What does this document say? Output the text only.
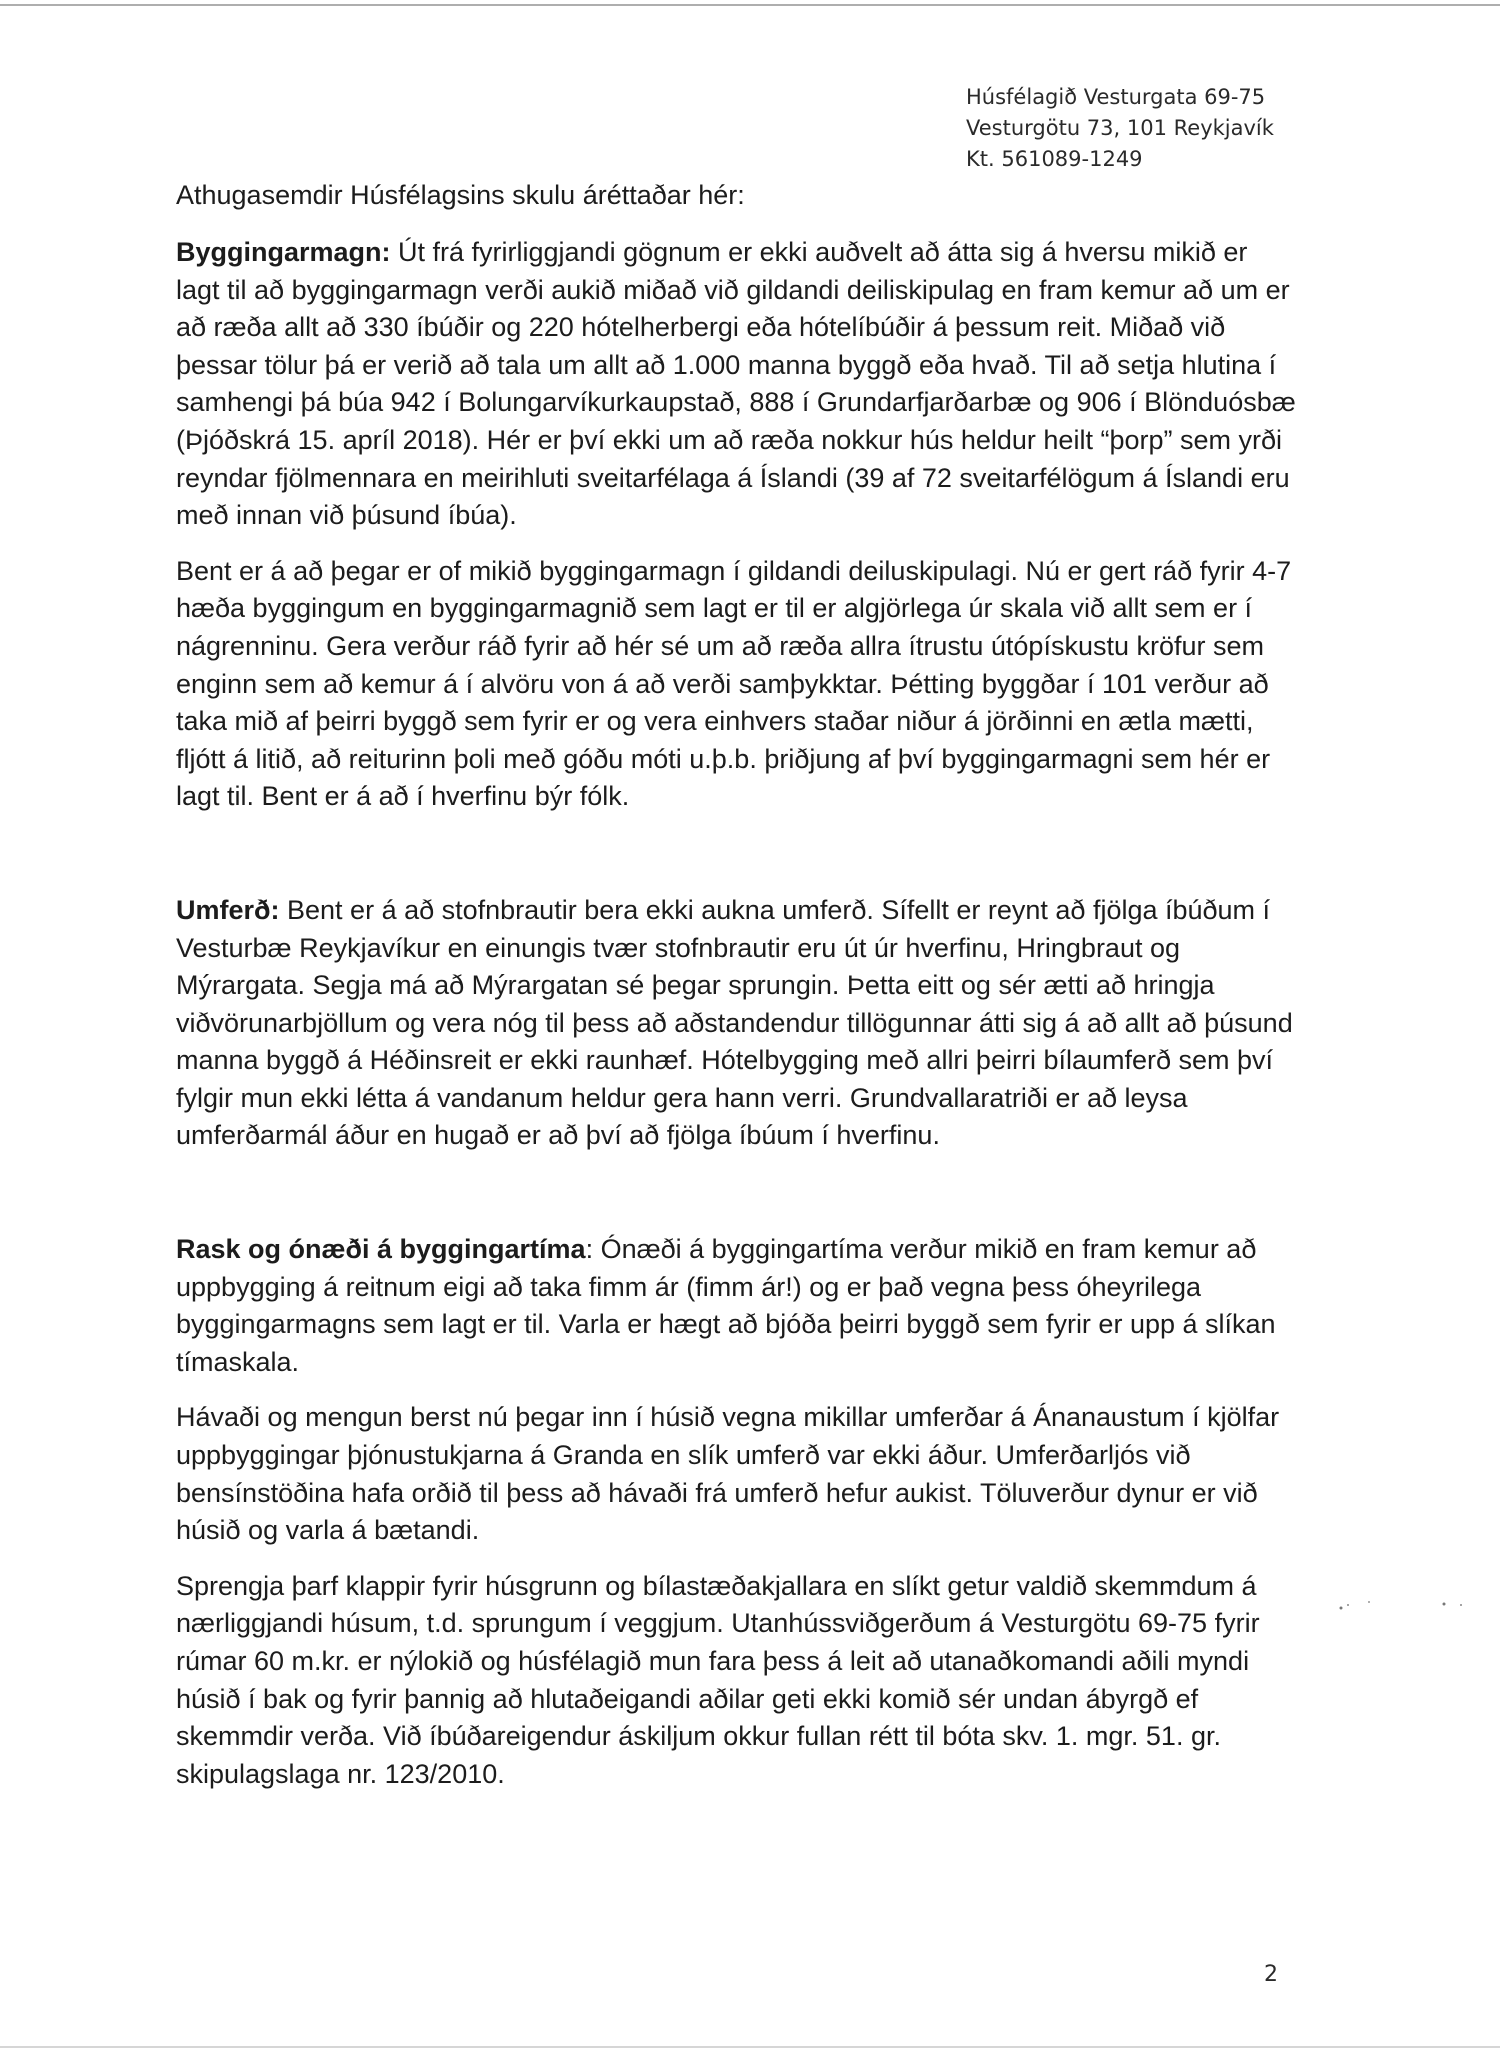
Húsfélagið Vesturgata 69-75
Vesturgötu 73, 101 Reykjavík
Kt. 561089-1249
Athugasemdir Húsfélagsins skulu áréttaðar hér:

Byggingarmagn: Út frá fyrirliggjandi gögnum er ekki auðvelt að átta sig á hversu mikið er lagt til að byggingarmagn verði aukið miðað við gildandi deiliskipulag en fram kemur að um er að ræða allt að 330 íbúðir og 220 hótelherbergi eða hótelíbúðir á þessum reit. Miðað við þessar tölur þá er verið að tala um allt að 1.000 manna byggð eða hvað. Til að setja hlutina í samhengi þá búa 942 í Bolungarvíkurkaupstað, 888 í Grundarfjarðarbæ og 906 í Blönduósbæ (Þjóðskrá 15. apríl 2018). Hér er því ekki um að ræða nokkur hús heldur heilt “þorp” sem yrði reyndar fjölmennara en meirihluti sveitarfélaga á Íslandi (39 af 72 sveitarfélögum á Íslandi eru með innan við þúsund íbúa).

Bent er á að þegar er of mikið byggingarmagn í gildandi deiluskipulagi. Nú er gert ráð fyrir 4-7 hæða byggingum en byggingarmagnið sem lagt er til er algjörlega úr skala við allt sem er í nágrenninu. Gera verður ráð fyrir að hér sé um að ræða allra ítrustu útópískustu kröfur sem enginn sem að kemur á í alvöru von á að verði samþykktar. Þétting byggðar í 101 verður að taka mið af þeirri byggð sem fyrir er og vera einhvers staðar niður á jörðinni en ætla mætti, fljótt á litið, að reiturinn þoli með góðu móti u.þ.b. þriðjung af því byggingarmagni sem hér er lagt til. Bent er á að í hverfinu býr fólk.

Umferð: Bent er á að stofnbrautir bera ekki aukna umferð. Sífellt er reynt að fjölga íbúðum í Vesturbæ Reykjavíkur en einungis tvær stofnbrautir eru út úr hverfinu, Hringbraut og Mýrargata. Segja má að Mýrargatan sé þegar sprungin. Þetta eitt og sér ætti að hringja viðvörunarbjöllum og vera nóg til þess að aðstandendur tillögunnar átti sig á að allt að þúsund manna byggð á Héðinsreit er ekki raunhæf. Hótelbygging með allri þeirri bílaumferð sem því fylgir mun ekki létta á vandanum heldur gera hann verri. Grundvallaratriði er að leysa umferðarmál áður en hugað er að því að fjölga íbúum í hverfinu.

Rask og ónæði á byggingartíma: Ónæði á byggingartíma verður mikið en fram kemur að uppbygging á reitnum eigi að taka fimm ár (fimm ár!) og er það vegna þess óheyrilega byggingarmagns sem lagt er til. Varla er hægt að bjóða þeirri byggð sem fyrir er upp á slíkan tímaskala.

Hávaði og mengun berst nú þegar inn í húsið vegna mikillar umferðar á Ánanaustum í kjölfar uppbyggingar þjónustukjarna á Granda en slík umferð var ekki áður. Umferðarljós við bensínstöðina hafa orðið til þess að hávaði frá umferð hefur aukist. Töluverður dynur er við húsið og varla á bætandi.

Sprengja þarf klappir fyrir húsgrunn og bílastæðakjallara en slíkt getur valdið skemmdum á nærliggjandi húsum, t.d. sprungum í veggjum. Utanhússviðgerðum á Vesturgötu 69-75 fyrir rúmar 60 m.kr. er nýlokið og húsfélagið mun fara þess á leit að utanaðkomandi aðili myndi húsið í bak og fyrir þannig að hlutaðeigandi aðilar geti ekki komið sér undan ábyrgð ef skemmdir verða. Við íbúðareigendur áskiljum okkur fullan rétt til bóta skv. 1. mgr. 51. gr. skipulagslaga nr. 123/2010.

2
